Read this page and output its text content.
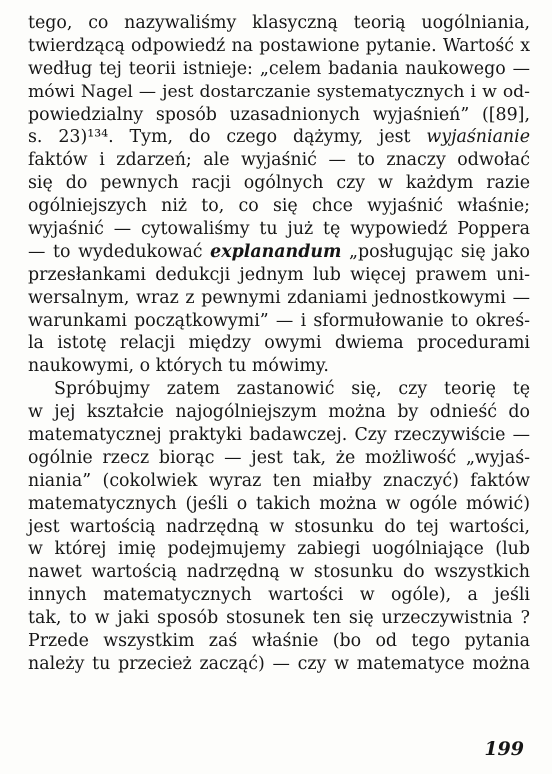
tego, co nazywaliśmy klasyczną teorią uogólniania,
twierdzącą odpowiedź na postawione pytanie. Wartość x
według tej teorii istnieje: „celem badania naukowego —
mówi Nagel — jest dostarczanie systematycznych i w od-
powiedzialny sposób uzasadnionych wyjaśnień” ([89],
s. 23)¹³⁴. Tym, do czego dążymy, jest wyjaśnianie
faktów i zdarzeń; ale wyjaśnić — to znaczy odwołać
się do pewnych racji ogólnych czy w każdym razie
ogólniejszych niż to, co się chce wyjaśnić właśnie;
wyjaśnić — cytowaliśmy tu już tę wypowiedź Poppera
— to wydedukować explanandum „posługując się jako
przesłankami dedukcji jednym lub więcej prawem uni-
wersalnym, wraz z pewnymi zdaniami jednostkowymi —
warunkami początkowymi” — i sformułowanie to okreś-
la istotę relacji między owymi dwiema procedurami
naukowymi, o których tu mówimy.
Spróbujmy zatem zastanowić się, czy teorię tę
w jej kształcie najogólniejszym można by odnieść do
matematycznej praktyki badawczej. Czy rzeczywiście —
ogólnie rzecz biorąc — jest tak, że możliwość „wyjaś-
niania” (cokolwiek wyraz ten miałby znaczyć) faktów
matematycznych (jeśli o takich można w ogóle mówić)
jest wartością nadrzędną w stosunku do tej wartości,
w której imię podejmujemy zabiegi uogólniające (lub
nawet wartością nadrzędną w stosunku do wszystkich
innych matematycznych wartości w ogóle), a jeśli
tak, to w jaki sposób stosunek ten się urzeczywistnia ?
Przede wszystkim zaś właśnie (bo od tego pytania
należy tu przecież zacząć) — czy w matematyce można
199
